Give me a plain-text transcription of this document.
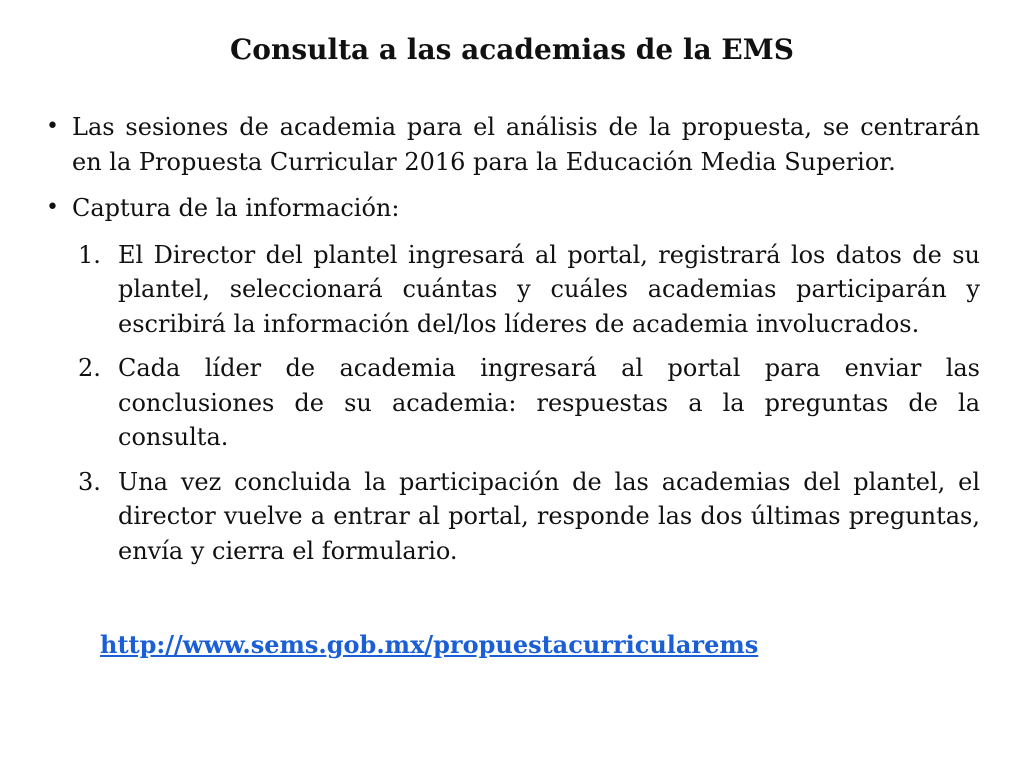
Consulta a las academias de la EMS
• Las sesiones de academia para el análisis de la propuesta, se centrarán en la Propuesta Curricular 2016 para la Educación Media Superior.
• Captura de la información:
1. El Director del plantel ingresará al portal, registrará los datos de su plantel, seleccionará cuántas y cuáles academias participarán y escribirá la información del/los líderes de academia involucrados.
2. Cada líder de academia ingresará al portal para enviar las conclusiones de su academia: respuestas a la preguntas de la consulta.
3. Una vez concluida la participación de las academias del plantel, el director vuelve a entrar al portal, responde las dos últimas preguntas, envía y cierra el formulario.
http://www.sems.gob.mx/propuestacurricularems
